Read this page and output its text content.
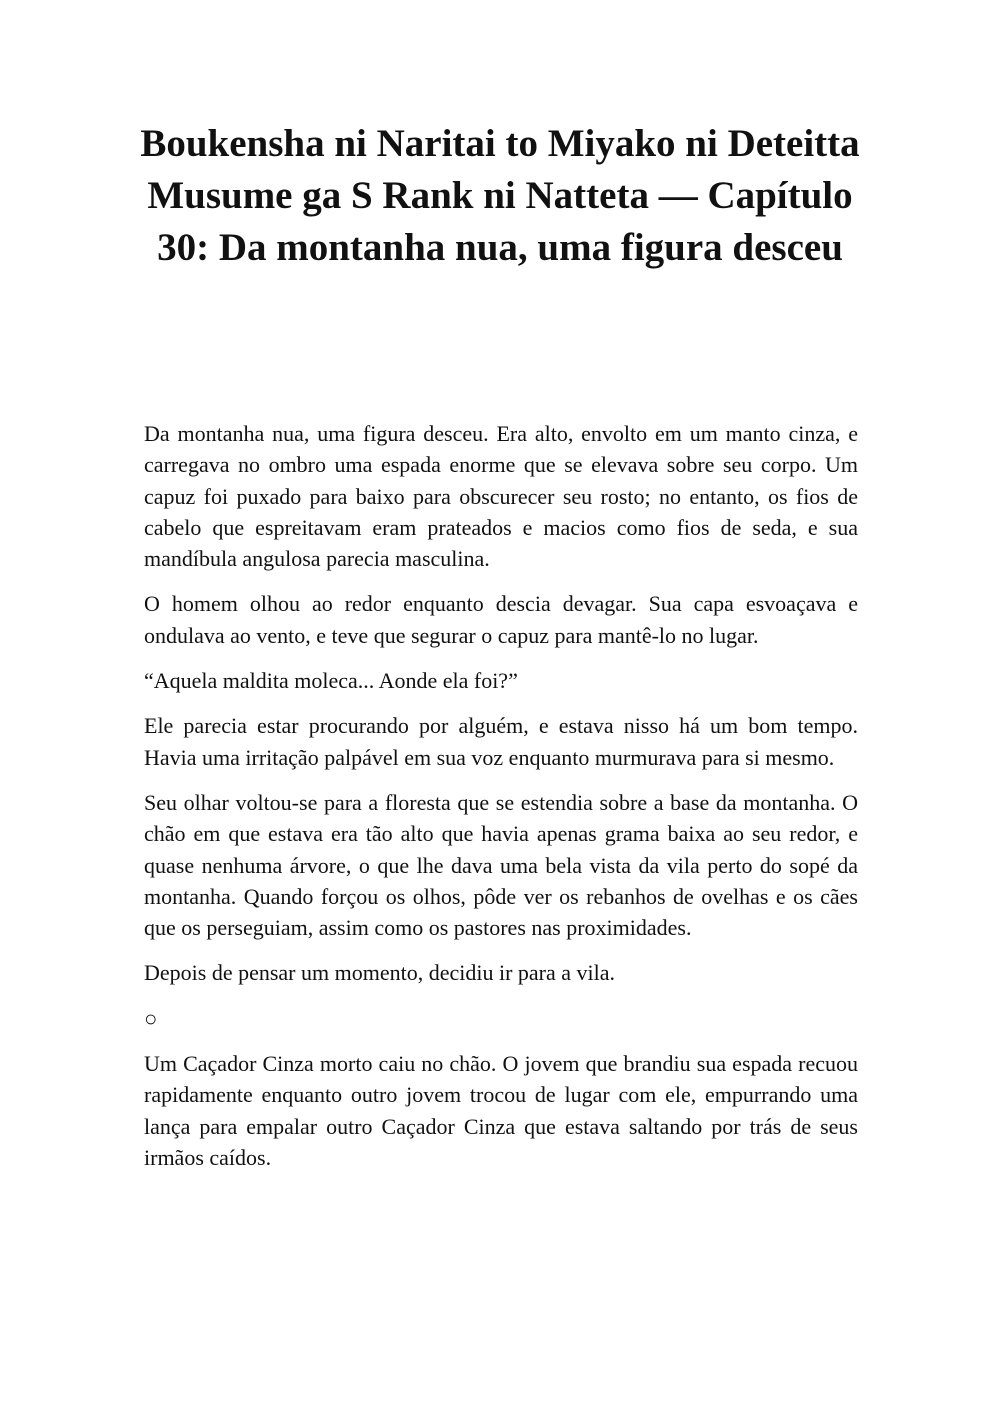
Boukensha ni Naritai to Miyako ni Deteitta Musume ga S Rank ni Natteta — Capítulo 30: Da montanha nua, uma figura desceu

Da montanha nua, uma figura desceu. Era alto, envolto em um manto cinza, e carregava no ombro uma espada enorme que se elevava sobre seu corpo. Um capuz foi puxado para baixo para obscurecer seu rosto; no entanto, os fios de cabelo que espreitavam eram prateados e macios como fios de seda, e sua mandíbula angulosa parecia masculina.

O homem olhou ao redor enquanto descia devagar. Sua capa esvoaçava e ondulava ao vento, e teve que segurar o capuz para mantê-lo no lugar.

“Aquela maldita moleca... Aonde ela foi?”

Ele parecia estar procurando por alguém, e estava nisso há um bom tempo. Havia uma irritação palpável em sua voz enquanto murmurava para si mesmo.

Seu olhar voltou-se para a floresta que se estendia sobre a base da montanha. O chão em que estava era tão alto que havia apenas grama baixa ao seu redor, e quase nenhuma árvore, o que lhe dava uma bela vista da vila perto do sopé da montanha. Quando forçou os olhos, pôde ver os rebanhos de ovelhas e os cães que os perseguiam, assim como os pastores nas proximidades.

Depois de pensar um momento, decidiu ir para a vila.

○

Um Caçador Cinza morto caiu no chão. O jovem que brandiu sua espada recuou rapidamente enquanto outro jovem trocou de lugar com ele, empurrando uma lança para empalar outro Caçador Cinza que estava saltando por trás de seus irmãos caídos.
